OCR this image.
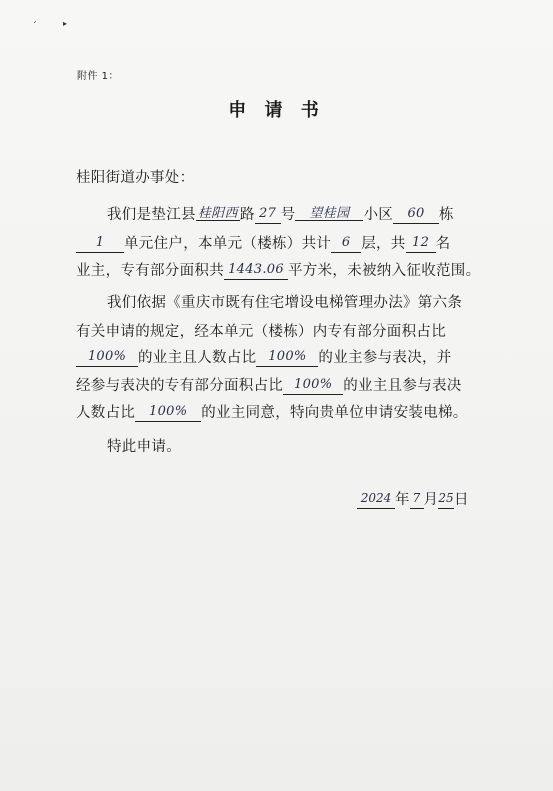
ˊ	▸
附件 1：
申 请 书
桂阳街道办事处：
我们是垫江县 桂阳西 路 27 号 望桂园 小区 60 栋
1 单元住户，本单元（楼栋）共计 6 层，共 12 名
业主，专有部分面积共 1443.06 平方米，未被纳入征收范围。
我们依据《重庆市既有住宅增设电梯管理办法》第六条
有关申请的规定，经本单元（楼栋）内专有部分面积占比
100% 的业主且人数占比 100% 的业主参与表决，并
经参与表决的专有部分面积占比 100% 的业主且参与表决
人数占比 100% 的业主同意，特向贵单位申请安装电梯。
特此申请。
2024 年 7 月25日
